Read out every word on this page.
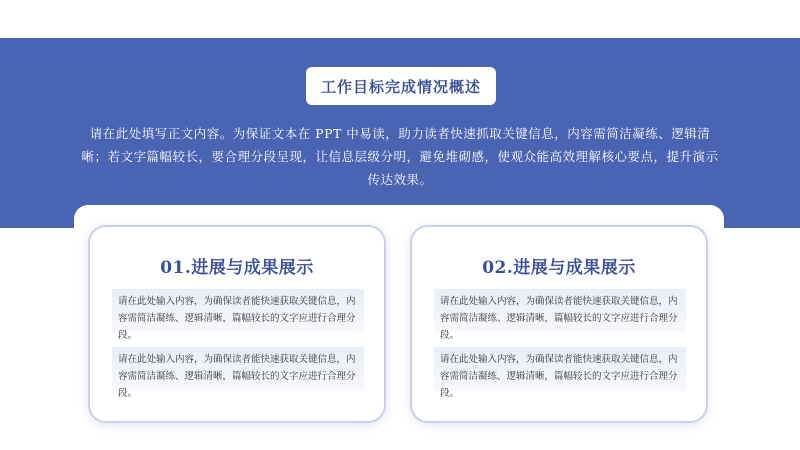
工作目标完成情况概述
请在此处填写正文内容。为保证文本在 PPT 中易读，助力读者快速抓取关键信息，内容需简洁凝练、逻辑清晰；若文字篇幅较长，要合理分段呈现，让信息层级分明，避免堆砌感，使观众能高效理解核心要点，提升演示传达效果。
01.进展与成果展示
请在此处输入内容，为确保读者能快速获取关键信息，内容需简洁凝练、逻辑清晰，篇幅较长的文字应进行合理分段。
请在此处输入内容，为确保读者能快速获取关键信息，内容需简洁凝练、逻辑清晰，篇幅较长的文字应进行合理分段。
02.进展与成果展示
请在此处输入内容，为确保读者能快速获取关键信息，内容需简洁凝练、逻辑清晰，篇幅较长的文字应进行合理分段。
请在此处输入内容，为确保读者能快速获取关键信息，内容需简洁凝练、逻辑清晰，篇幅较长的文字应进行合理分段。
